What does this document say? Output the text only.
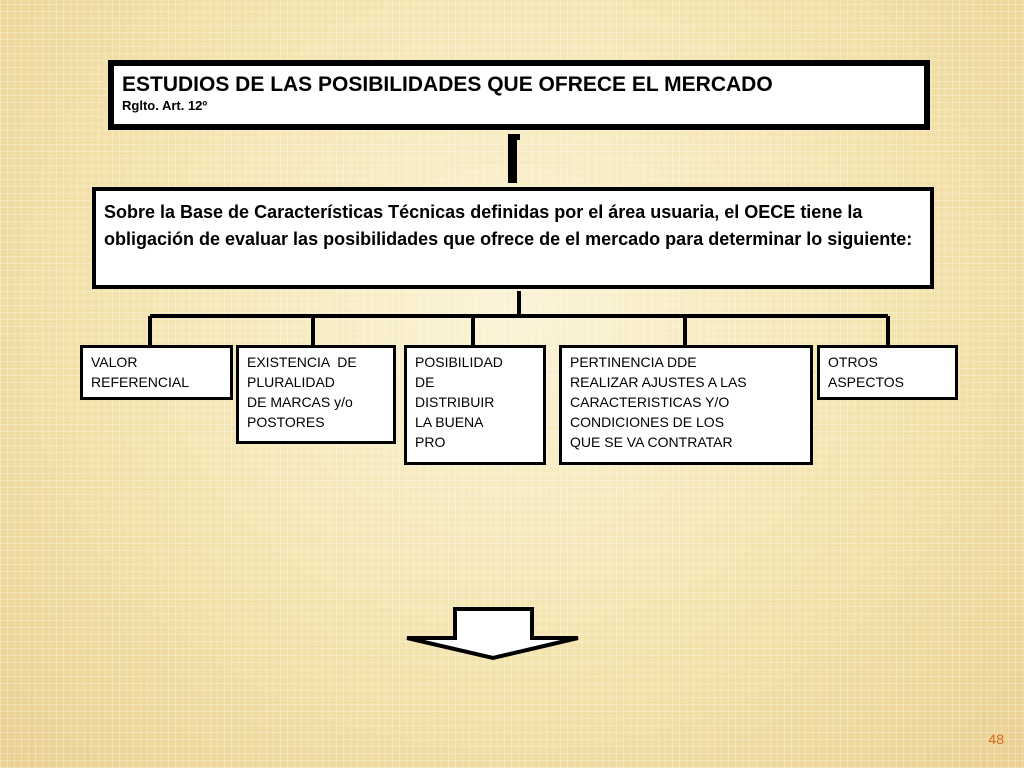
ESTUDIOS DE LAS POSIBILIDADES QUE OFRECE EL MERCADO
Rglto. Art. 12º
Sobre la Base de Características Técnicas definidas por el área usuaria, el OECE tiene la obligación de evaluar las posibilidades que ofrece de el mercado para determinar lo siguiente:
VALOR
REFERENCIAL
EXISTENCIA  DE
PLURALIDAD
DE MARCAS y/o
POSTORES
POSIBILIDAD
DE
DISTRIBUIR
LA BUENA
PRO
PERTINENCIA DDE
REALIZAR AJUSTES A LAS
CARACTERISTICAS Y/O
CONDICIONES DE LOS
QUE SE VA CONTRATAR
OTROS
ASPECTOS
48
